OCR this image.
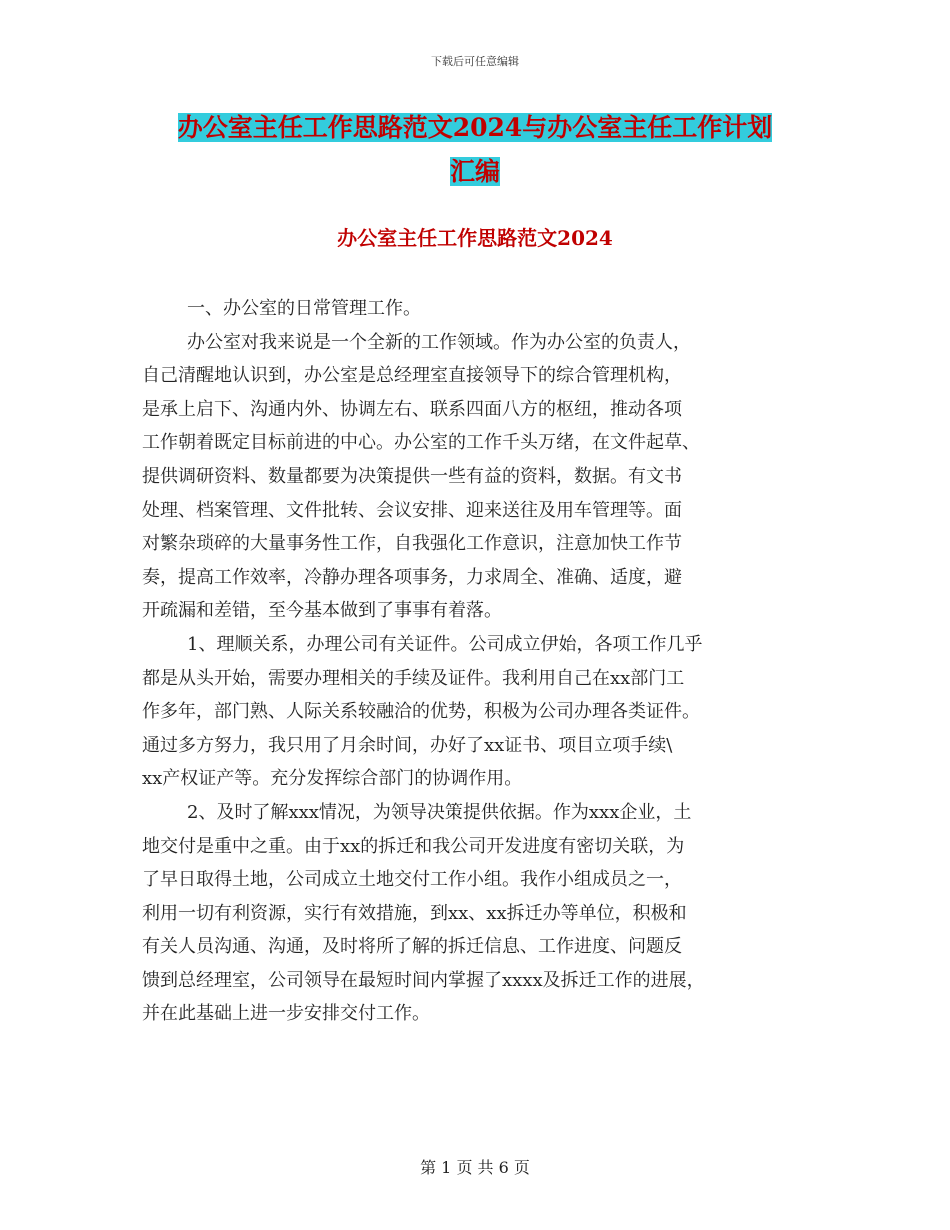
下载后可任意编辑
办公室主任工作思路范文2024与办公室主任工作计划
汇编
办公室主任工作思路范文2024
一、办公室的日常管理工作。
办公室对我来说是一个全新的工作领域。作为办公室的负责人，
自己清醒地认识到，办公室是总经理室直接领导下的综合管理机构，
是承上启下、沟通内外、协调左右、联系四面八方的枢纽，推动各项
工作朝着既定目标前进的中心。办公室的工作千头万绪，在文件起草、
提供调研资料、数量都要为决策提供一些有益的资料，数据。有文书
处理、档案管理、文件批转、会议安排、迎来送往及用车管理等。面
对繁杂琐碎的大量事务性工作，自我强化工作意识，注意加快工作节
奏，提高工作效率，冷静办理各项事务，力求周全、准确、适度，避
开疏漏和差错，至今基本做到了事事有着落。
1、理顺关系，办理公司有关证件。公司成立伊始，各项工作几乎
都是从头开始，需要办理相关的手续及证件。我利用自己在xx部门工
作多年，部门熟、人际关系较融洽的优势，积极为公司办理各类证件。
通过多方努力，我只用了月余时间，办好了xx证书、项目立项手续\
xx产权证产等。充分发挥综合部门的协调作用。
2、及时了解xxx情况，为领导决策提供依据。作为xxx企业，土
地交付是重中之重。由于xx的拆迁和我公司开发进度有密切关联，为
了早日取得土地，公司成立土地交付工作小组。我作小组成员之一，
利用一切有利资源，实行有效措施，到xx、xx拆迁办等单位，积极和
有关人员沟通、沟通，及时将所了解的拆迁信息、工作进度、问题反
馈到总经理室，公司领导在最短时间内掌握了xxxx及拆迁工作的进展，
并在此基础上进一步安排交付工作。
第 1 页 共 6 页
